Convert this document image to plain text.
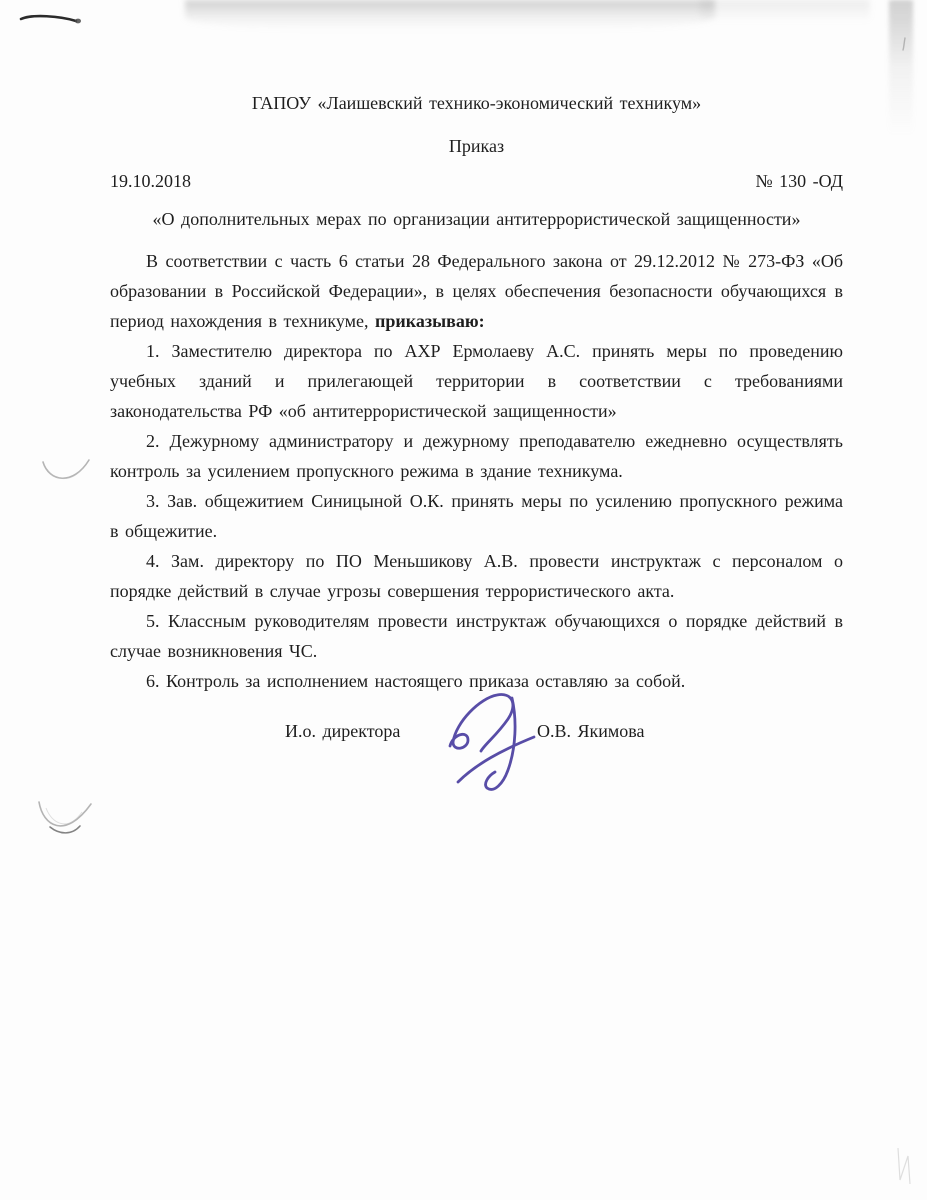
ГАПОУ «Лаишевский технико-экономический техникум»

Приказ

19.10.2018	№ 130 -ОД

«О дополнительных мерах по организации антитеррористической защищенности»

В соответствии с часть 6 статьи 28 Федерального закона от 29.12.2012 № 273-ФЗ «Об образовании в Российской Федерации», в целях обеспечения безопасности обучающихся в период нахождения в техникуме, приказываю:

1. Заместителю директора по АХР Ермолаеву А.С. принять меры по проведению учебных зданий и прилегающей территории в соответствии с требованиями законодательства РФ «об антитеррористической защищенности»

2. Дежурному администратору и дежурному преподавателю ежедневно осуществлять контроль за усилением пропускного режима в здание техникума.

3. Зав. общежитием Синицыной О.К. принять меры по усилению пропускного режима в общежитие.

4. Зам. директору по ПО Меньшикову А.В. провести инструктаж с персоналом о порядке действий в случае угрозы совершения террористического акта.

5. Классным руководителям провести инструктаж обучающихся о порядке действий в случае возникновения ЧС.

6. Контроль за исполнением настоящего приказа оставляю за собой.

И.о. директора	О.В. Якимова
